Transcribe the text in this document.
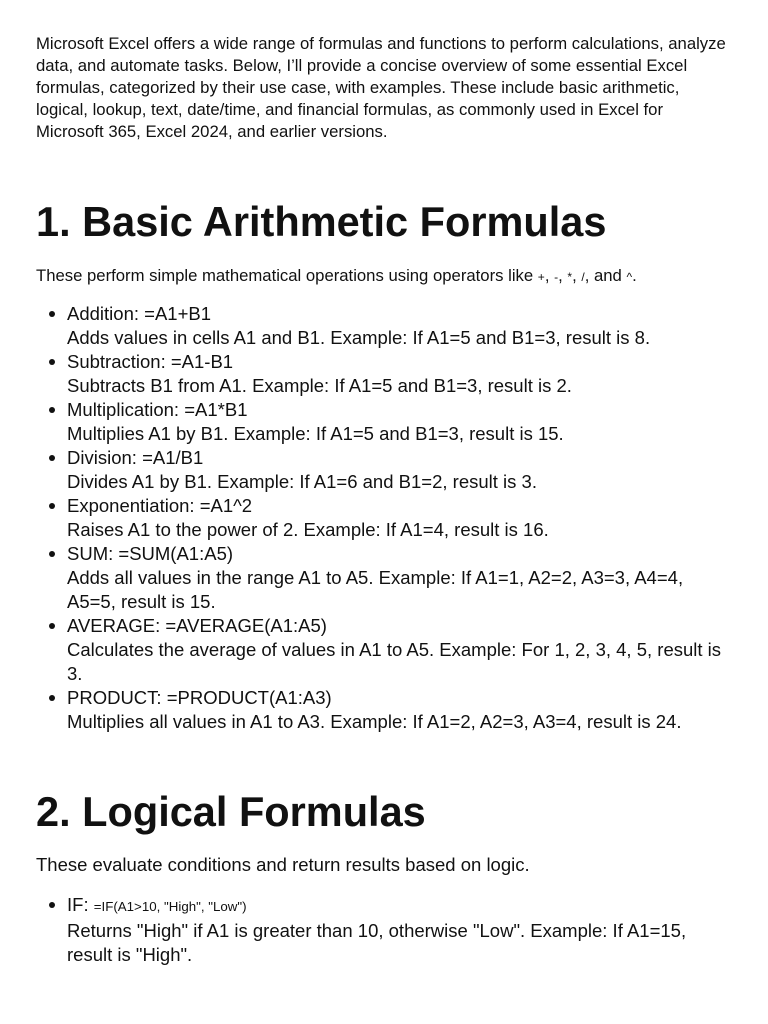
Microsoft Excel offers a wide range of formulas and functions to perform calculations, analyze data, and automate tasks. Below, I’ll provide a concise overview of some essential Excel formulas, categorized by their use case, with examples. These include basic arithmetic, logical, lookup, text, date/time, and financial formulas, as commonly used in Excel for Microsoft 365, Excel 2024, and earlier versions.

1. Basic Arithmetic Formulas

These perform simple mathematical operations using operators like +, -, *, /, and ^.

Addition: =A1+B1
Adds values in cells A1 and B1. Example: If A1=5 and B1=3, result is 8.
Subtraction: =A1-B1
Subtracts B1 from A1. Example: If A1=5 and B1=3, result is 2.
Multiplication: =A1*B1
Multiplies A1 by B1. Example: If A1=5 and B1=3, result is 15.
Division: =A1/B1
Divides A1 by B1. Example: If A1=6 and B1=2, result is 3.
Exponentiation: =A1^2
Raises A1 to the power of 2. Example: If A1=4, result is 16.
SUM: =SUM(A1:A5)
Adds all values in the range A1 to A5. Example: If A1=1, A2=2, A3=3, A4=4, A5=5, result is 15.
AVERAGE: =AVERAGE(A1:A5)
Calculates the average of values in A1 to A5. Example: For 1, 2, 3, 4, 5, result is 3.
PRODUCT: =PRODUCT(A1:A3)
Multiplies all values in A1 to A3. Example: If A1=2, A2=3, A3=4, result is 24.
2. Logical Formulas

These evaluate conditions and return results based on logic.

IF: =IF(A1>10, "High", "Low")
Returns "High" if A1 is greater than 10, otherwise "Low". Example: If A1=15, result is "High".
